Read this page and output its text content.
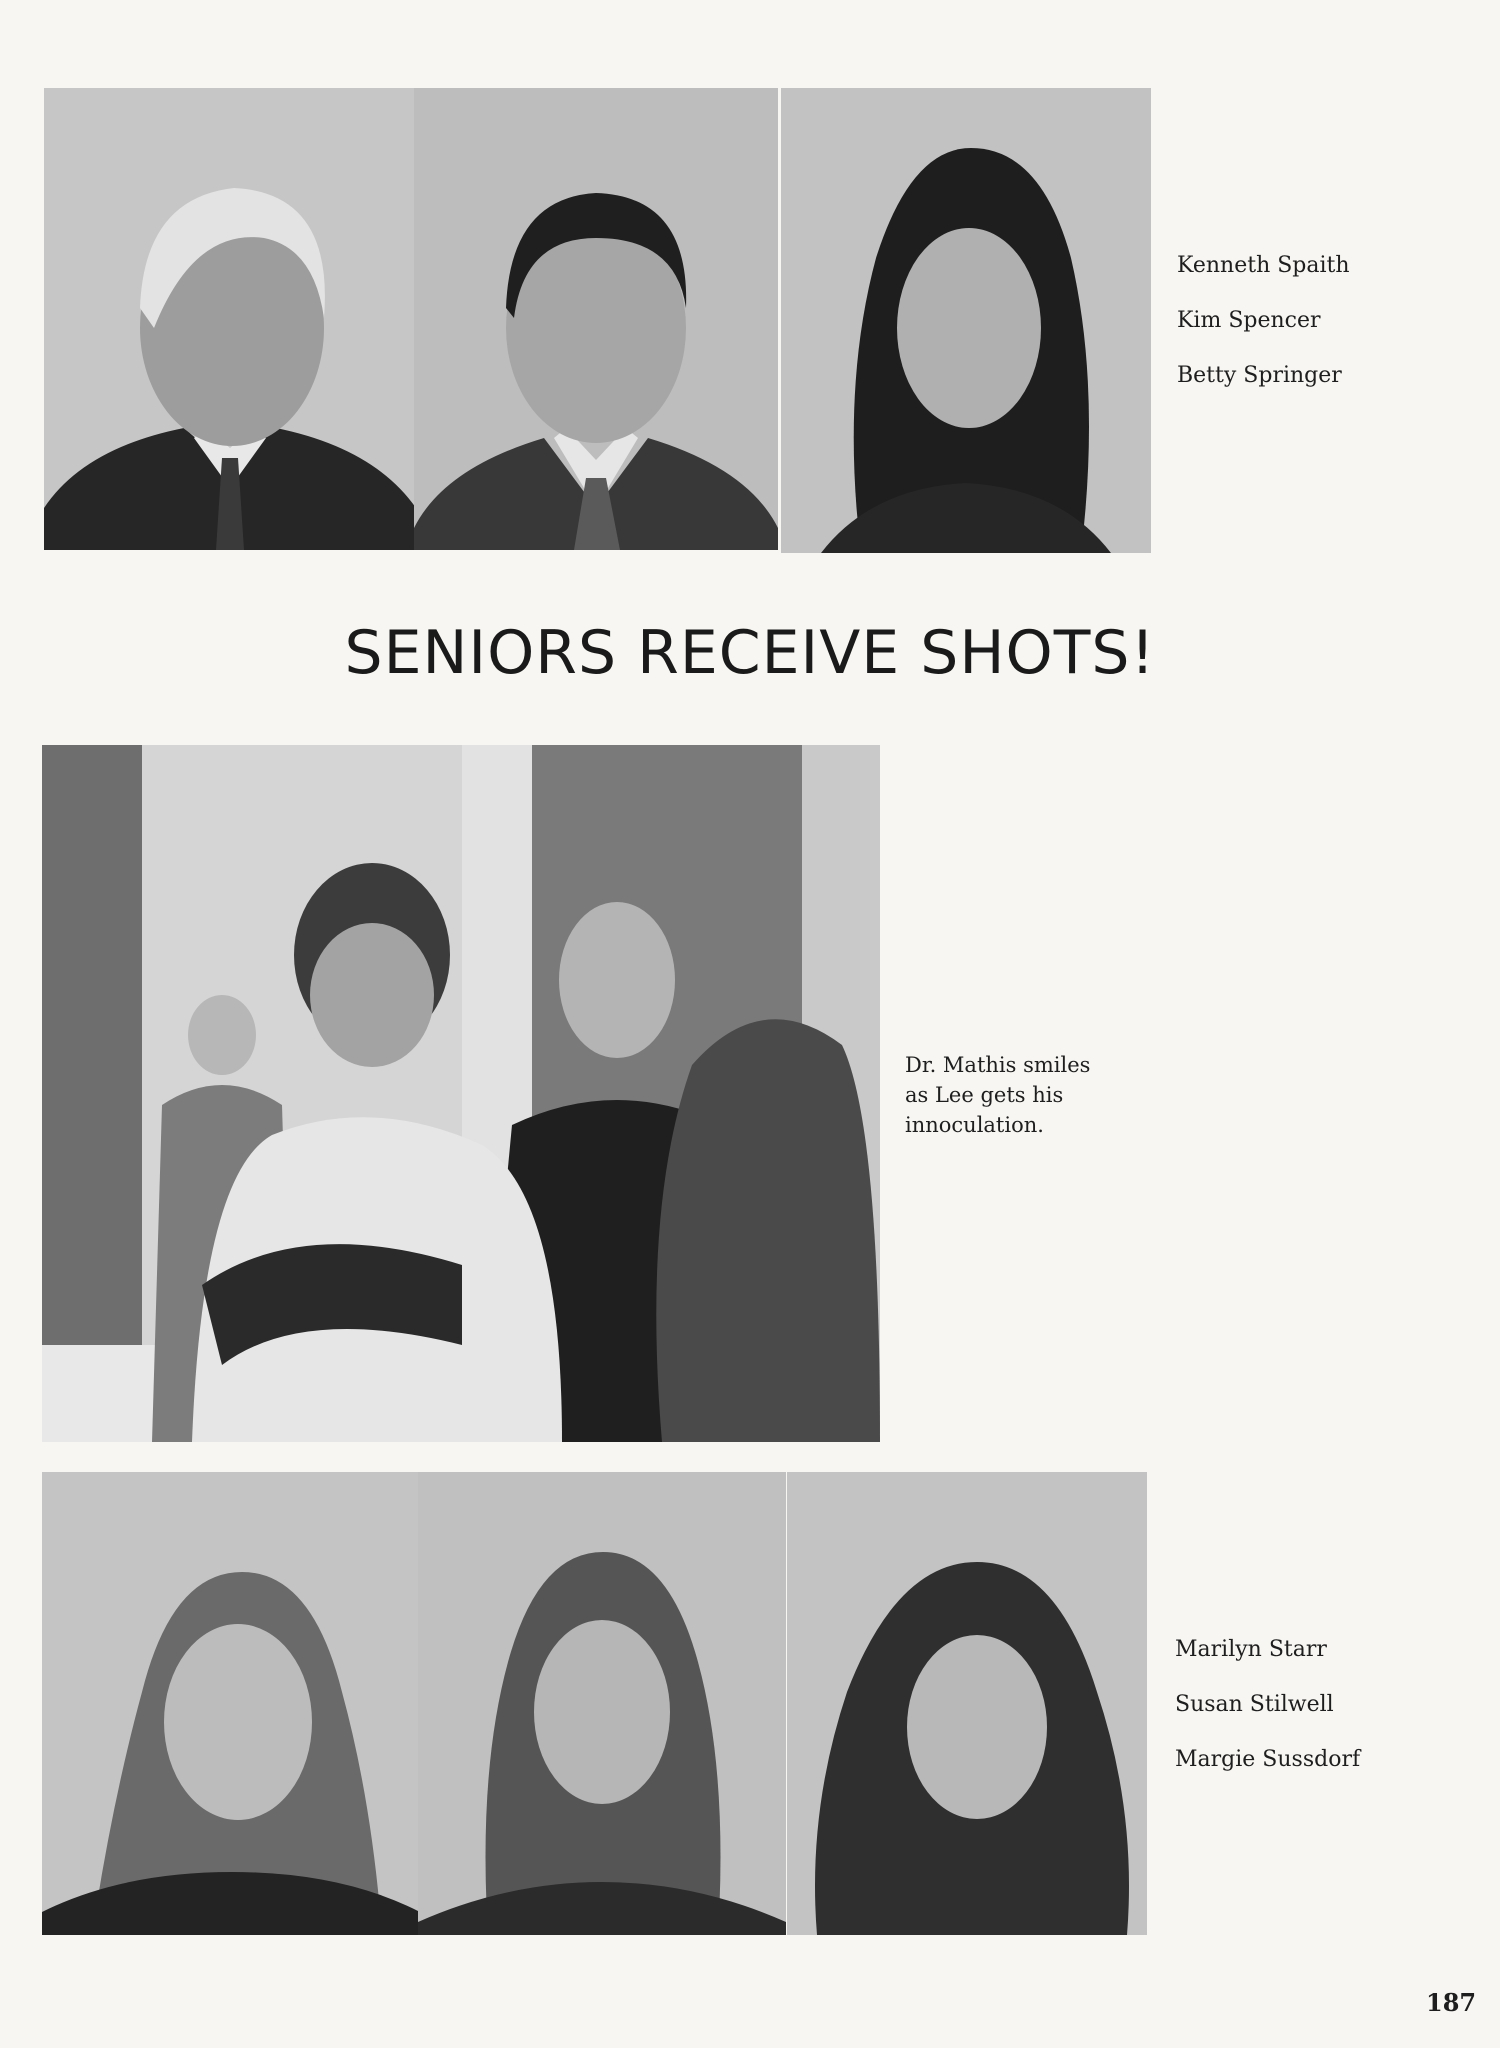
Kenneth Spaith
Kim Spencer
Betty Springer
SENIORS RECEIVE SHOTS!
Dr. Mathis smiles
as Lee gets his
innoculation.
Marilyn Starr
Susan Stilwell
Margie Sussdorf
187
